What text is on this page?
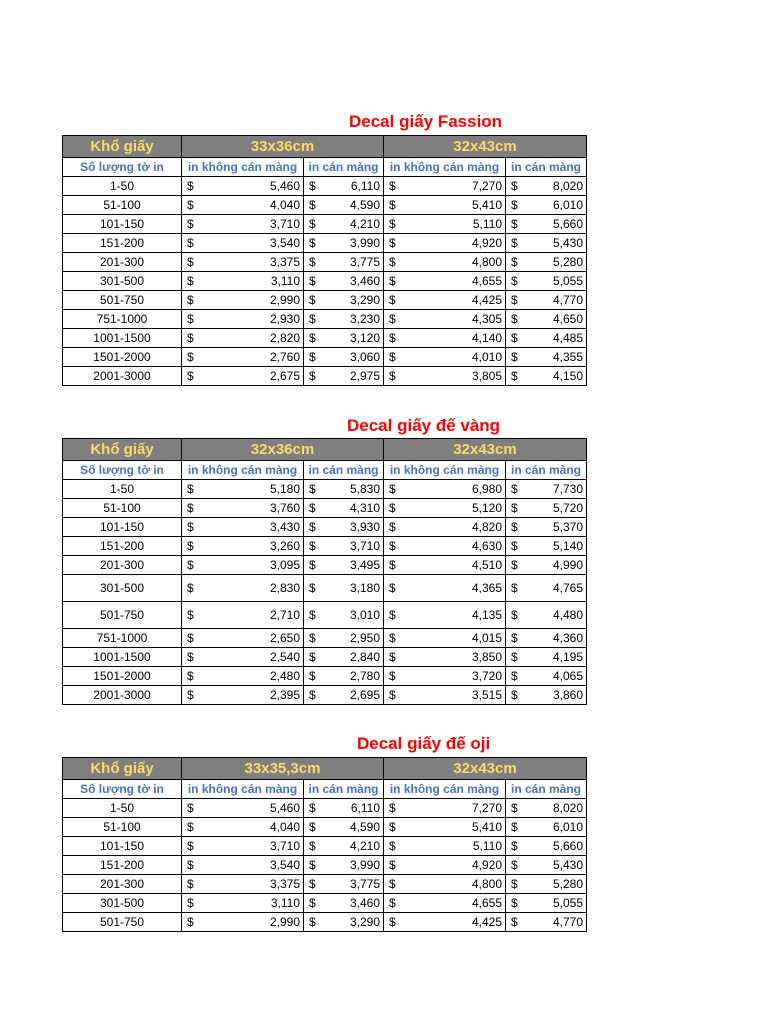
Decal giấy Fassion
Khổ giấy	33x36cm		32x43cm	
Số lượng tờ in	in không cán màng	in cán màng	in không cán màng	in cán màng
1-50	$ 5,460	$ 6,110	$ 7,270	$ 8,020
51-100	$ 4,040	$ 4,590	$ 5,410	$ 6,010
101-150	$ 3,710	$ 4,210	$ 5,110	$ 5,660
151-200	$ 3,540	$ 3,990	$ 4,920	$ 5,430
201-300	$ 3,375	$ 3,775	$ 4,800	$ 5,280
301-500	$ 3,110	$ 3,460	$ 4,655	$ 5,055
501-750	$ 2,990	$ 3,290	$ 4,425	$ 4,770
751-1000	$ 2,930	$ 3,230	$ 4,305	$ 4,650
1001-1500	$ 2,820	$ 3,120	$ 4,140	$ 4,485
1501-2000	$ 2,760	$ 3,060	$ 4,010	$ 4,355
2001-3000	$ 2,675	$ 2,975	$ 3,805	$ 4,150
Decal giấy đế vàng
Khổ giấy	32x36cm		32x43cm	
Số lượng tờ in	in không cán màng	in cán màng	in không cán màng	in cán màng
1-50	$ 5,180	$ 5,830	$ 6,980	$ 7,730
51-100	$ 3,760	$ 4,310	$ 5,120	$ 5,720
101-150	$ 3,430	$ 3,930	$ 4,820	$ 5,370
151-200	$ 3,260	$ 3,710	$ 4,630	$ 5,140
201-300	$ 3,095	$ 3,495	$ 4,510	$ 4,990
301-500	$ 2,830	$ 3,180	$ 4,365	$ 4,765
501-750	$ 2,710	$ 3,010	$ 4,135	$ 4,480
751-1000	$ 2,650	$ 2,950	$ 4,015	$ 4,360
1001-1500	$ 2,540	$ 2,840	$ 3,850	$ 4,195
1501-2000	$ 2,480	$ 2,780	$ 3,720	$ 4,065
2001-3000	$ 2,395	$ 2,695	$ 3,515	$ 3,860
Decal giấy đế oji
Khổ giấy	33x35,3cm		32x43cm	
Số lượng tờ in	in không cán màng	in cán màng	in không cán màng	in cán màng
1-50	$ 5,460	$ 6,110	$ 7,270	$ 8,020
51-100	$ 4,040	$ 4,590	$ 5,410	$ 6,010
101-150	$ 3,710	$ 4,210	$ 5,110	$ 5,660
151-200	$ 3,540	$ 3,990	$ 4,920	$ 5,430
201-300	$ 3,375	$ 3,775	$ 4,800	$ 5,280
301-500	$ 3,110	$ 3,460	$ 4,655	$ 5,055
501-750	$ 2,990	$ 3,290	$ 4,425	$ 4,770
